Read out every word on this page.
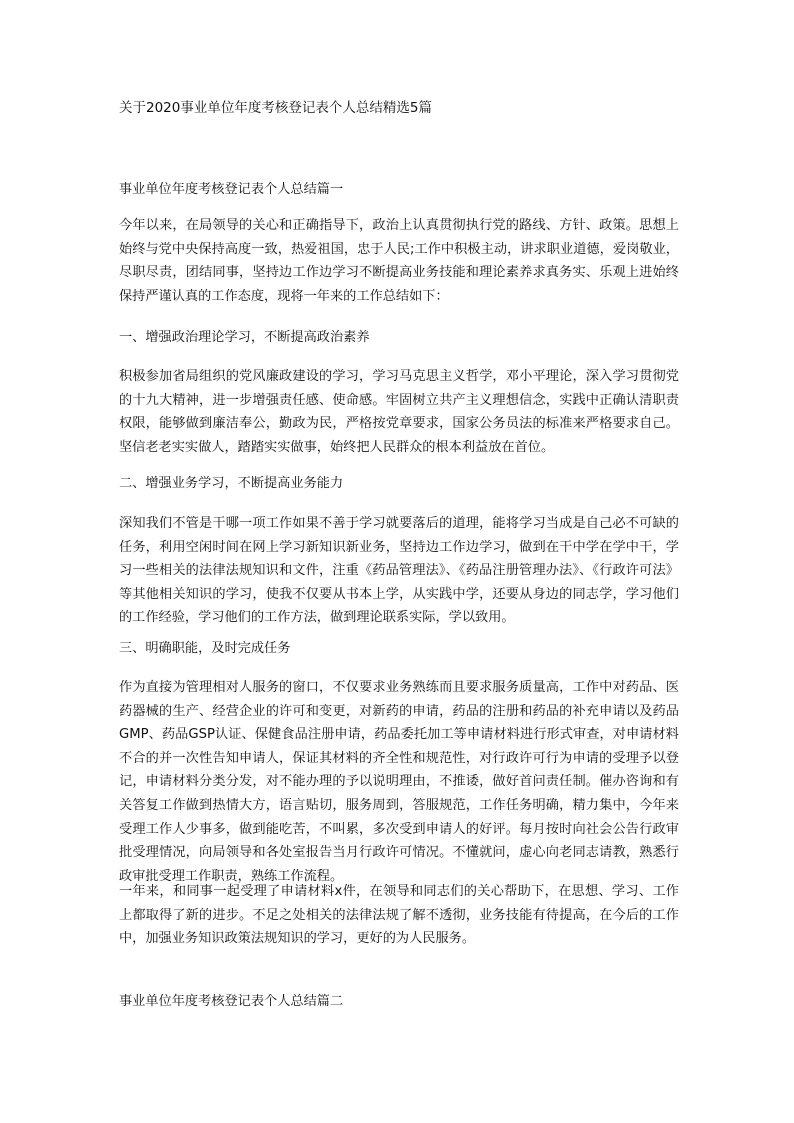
关于2020事业单位年度考核登记表个人总结精选5篇

事业单位年度考核登记表个人总结篇一

今年以来，在局领导的关心和正确指导下，政治上认真贯彻执行党的路线、方针、政策。思想上始终与党中央保持高度一致，热爱祖国，忠于人民;工作中积极主动，讲求职业道德，爱岗敬业，尽职尽责，团结同事，坚持边工作边学习不断提高业务技能和理论素养求真务实、乐观上进始终保持严谨认真的工作态度，现将一年来的工作总结如下：

一、增强政治理论学习，不断提高政治素养

积极参加省局组织的党风廉政建设的学习，学习马克思主义哲学，邓小平理论，深入学习贯彻党的十九大精神，进一步增强责任感、使命感。牢固树立共产主义理想信念，实践中正确认清职责权限，能够做到廉洁奉公，勤政为民，严格按党章要求，国家公务员法的标准来严格要求自己。坚信老老实实做人，踏踏实实做事，始终把人民群众的根本利益放在首位。

二、增强业务学习，不断提高业务能力

深知我们不管是干哪一项工作如果不善于学习就要落后的道理，能将学习当成是自己必不可缺的任务，利用空闲时间在网上学习新知识新业务，坚持边工作边学习，做到在干中学在学中干，学习一些相关的法律法规知识和文件，注重《药品管理法》、《药品注册管理办法》、《行政许可法》等其他相关知识的学习，使我不仅要从书本上学，从实践中学，还要从身边的同志学，学习他们的工作经验，学习他们的工作方法，做到理论联系实际，学以致用。

三、明确职能，及时完成任务

作为直接为管理相对人服务的窗口，不仅要求业务熟练而且要求服务质量高，工作中对药品、医药器械的生产、经营企业的许可和变更，对新药的申请，药品的注册和药品的补充申请以及药品GMP、药品GSP认证、保健食品注册申请，药品委托加工等申请材料进行形式审查，对申请材料不合的并一次性告知申请人，保证其材料的齐全性和规范性，对行政许可行为申请的受理予以登记，申请材料分类分发，对不能办理的予以说明理由，不推诿，做好首问责任制。催办咨询和有关答复工作做到热情大方，语言贴切，服务周到，答服规范，工作任务明确，精力集中，今年来受理工作人少事多，做到能吃苦，不叫累，多次受到申请人的好评。每月按时向社会公告行政审批受理情况，向局领导和各处室报告当月行政许可情况。不懂就问，虚心向老同志请教，熟悉行政审批受理工作职责，熟练工作流程。

一年来，和同事一起受理了申请材料x件，在领导和同志们的关心帮助下，在思想、学习、工作上都取得了新的进步。不足之处相关的法律法规了解不透彻，业务技能有待提高，在今后的工作中，加强业务知识政策法规知识的学习，更好的为人民服务。

事业单位年度考核登记表个人总结篇二
